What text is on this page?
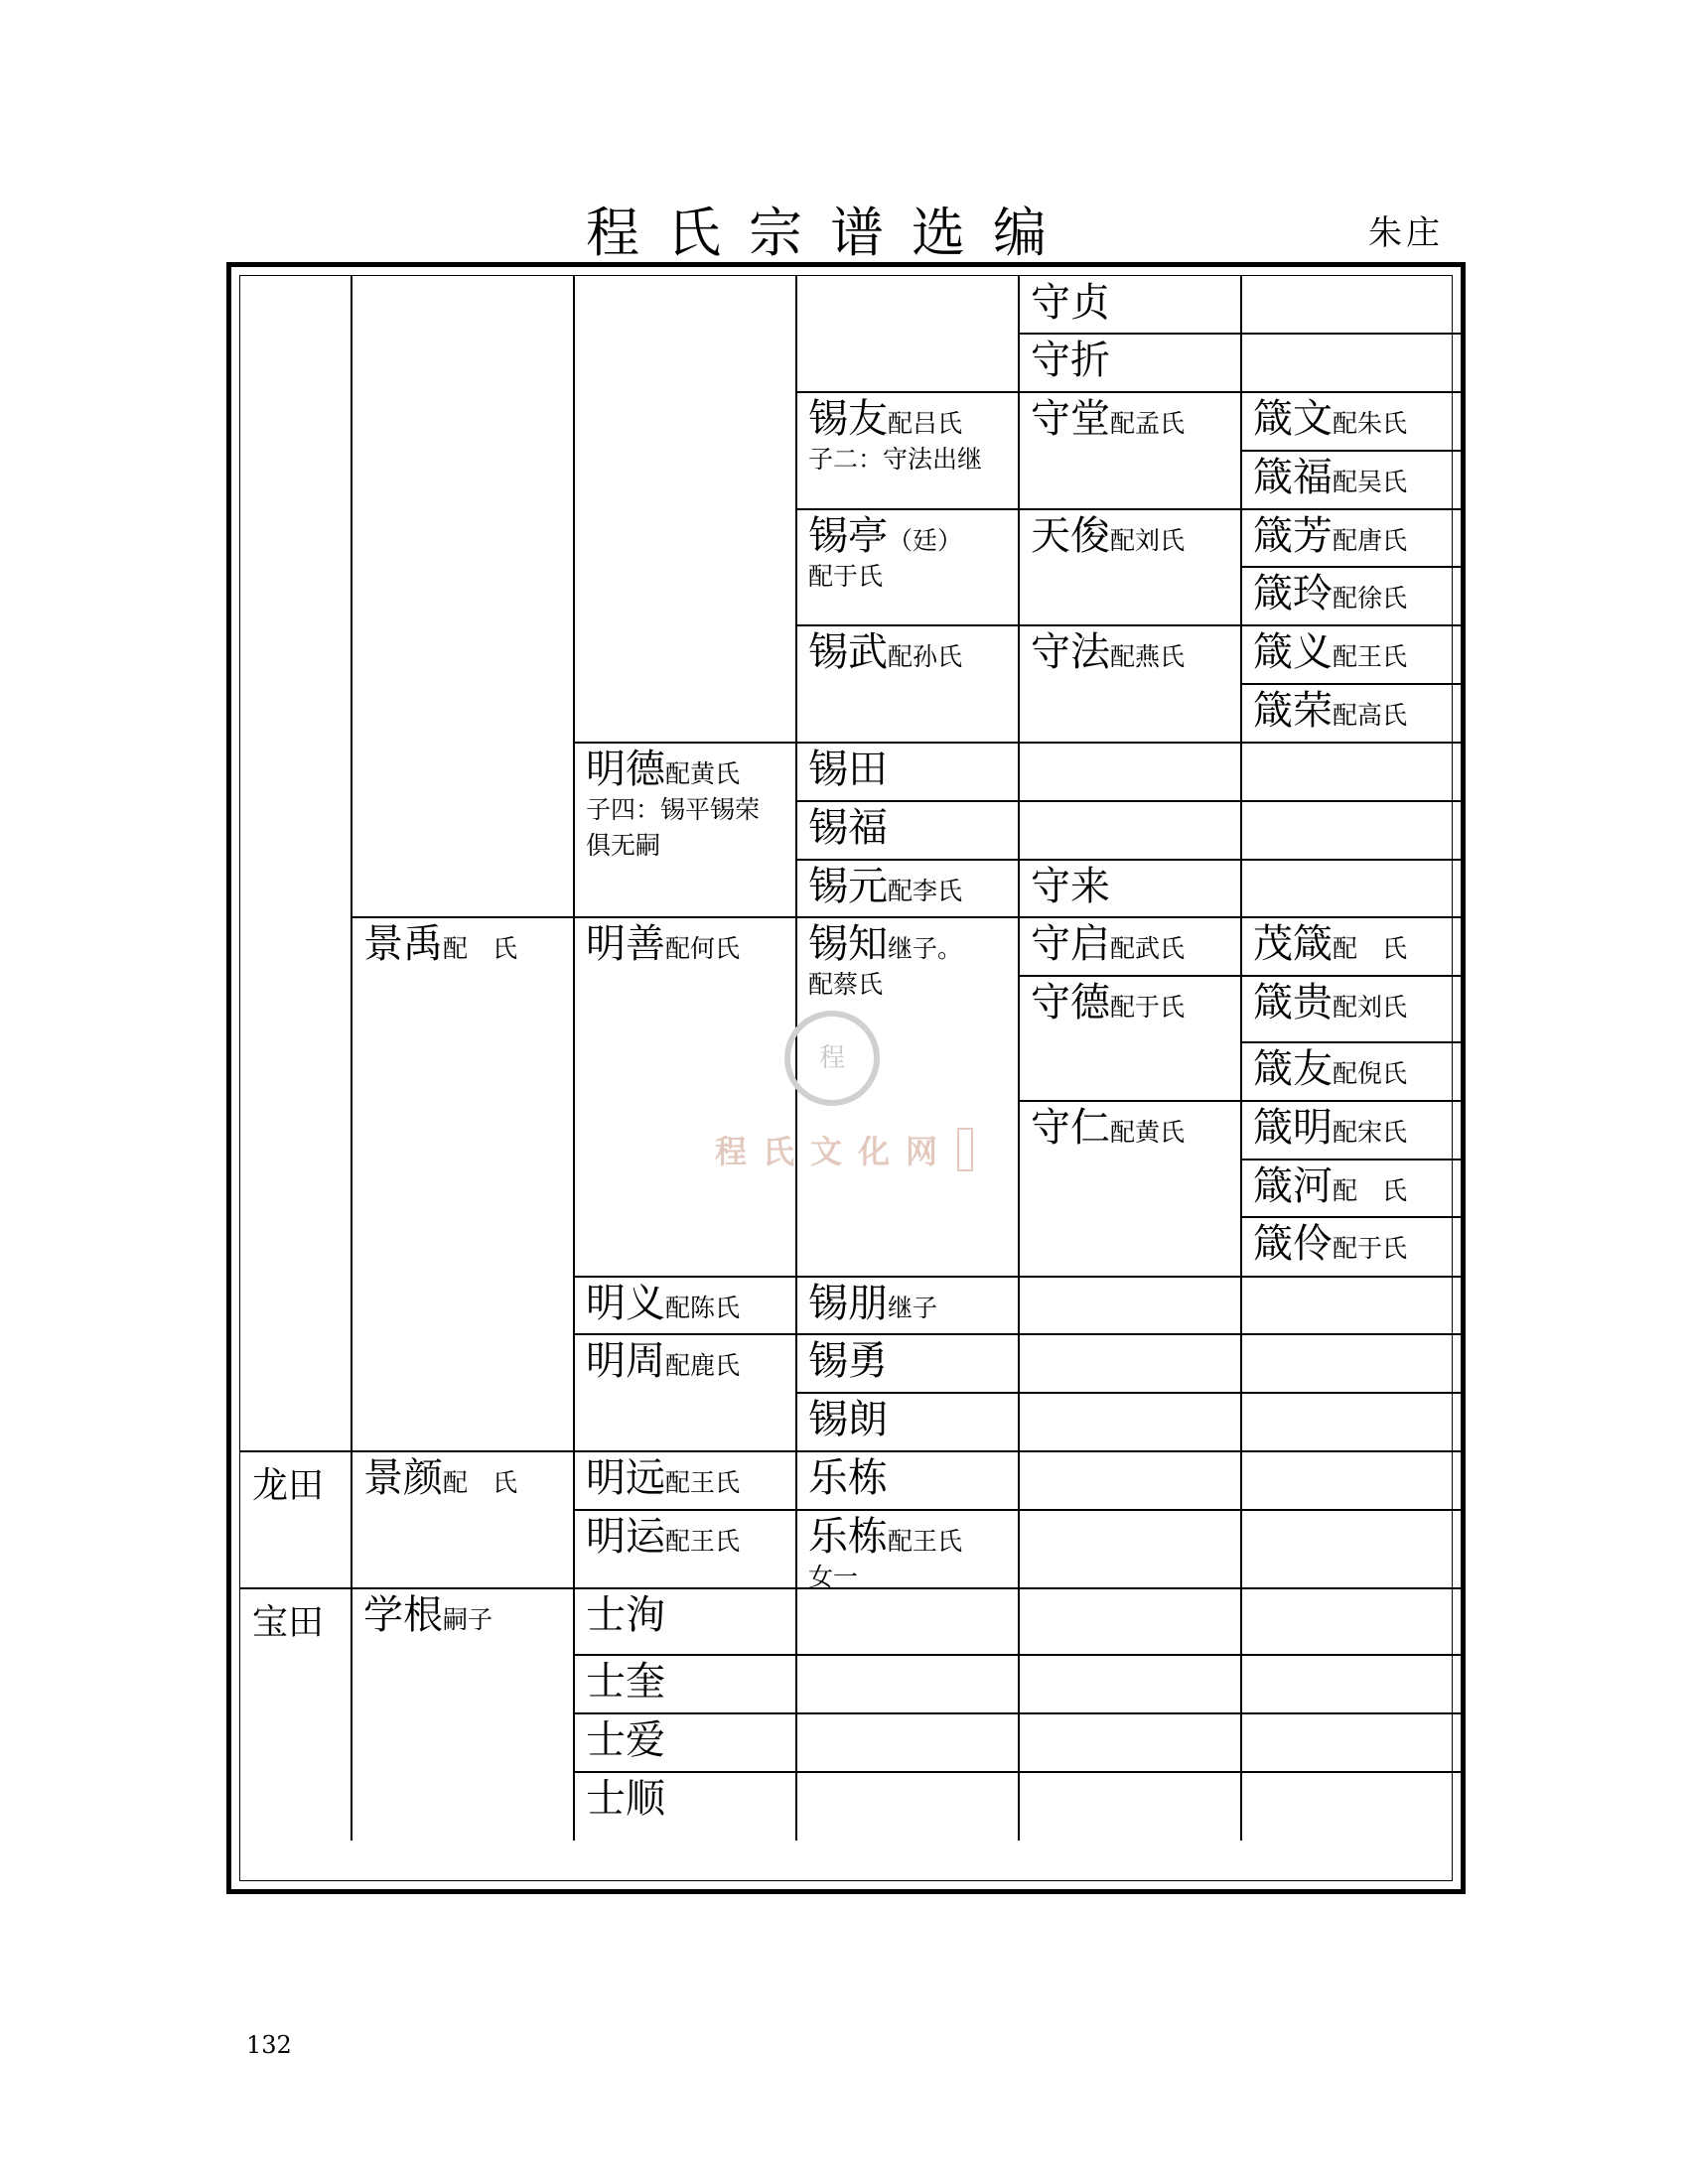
程氏宗谱选编	朱庄
守贞
守折
锡友配吕氏
子二：守法出继
守堂配孟氏 箴文配朱氏
箴福配吴氏
锡亭（廷）
配于氏
天俊配刘氏 箴芳配唐氏
箴玲配徐氏
锡武配孙氏 守法配燕氏 箴义配王氏
箴荣配高氏
明德配黄氏
子四：锡平锡荣
俱无嗣
锡田
锡福
锡元配李氏 守来
景禹配　氏 明善配何氏 锡知继子。
配蔡氏
守启配武氏 茂箴配　氏
守德配于氏 箴贵配刘氏
箴友配倪氏
守仁配黄氏 箴明配宋氏
箴河配　氏
箴伶配于氏
明义配陈氏 锡朋继子
明周配鹿氏 锡勇
锡朗
景颜配　氏 明远配王氏 乐栋
明运配王氏 乐栋配王氏
女一
学根嗣子 士洵
士奎
士爱
士顺
龙田
宝田
程
程氏文化网
132
